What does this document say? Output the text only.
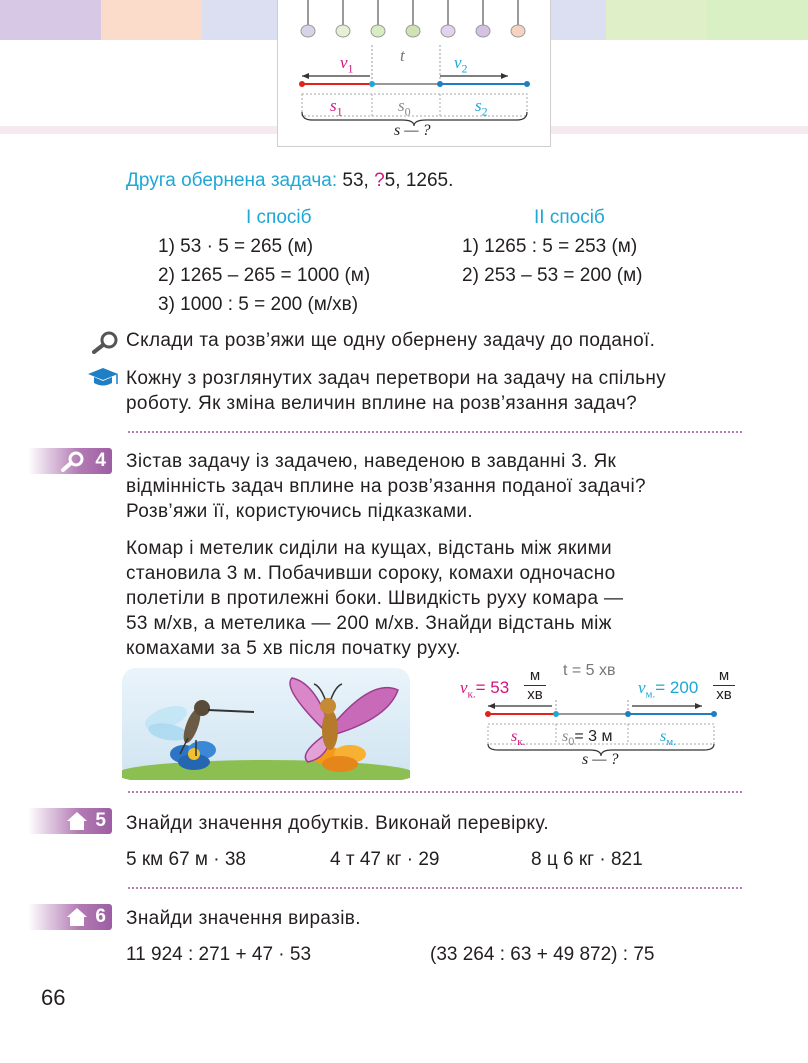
$v_1$
t	$v_2$
$s_1$	$s_0$	$s_2$
s — ?
Друга обернена задача: 53, ?5, 1265.
І спосіб	ІІ спосіб
1) 53 · 5 = 265 (м)
2) 1265 – 265 = 1000 (м)
3) 1000 : 5 = 200 (м/хв)
1) 1265 : 5 = 253 (м)
2) 253 – 53 = 200 (м)
Склади та розв’яжи ще одну обернену задачу до поданої.
Кожну з розглянутих задач перетвори на задачу на спільну
роботу. Як зміна величин вплине на розв’язання задач?
4 Зістав задачу із задачею, наведеною в завданні 3. Як
відмінність задач вплине на розв’язання поданої задачі?
Розв’яжи її, користуючись підказками.
Комар і метелик сиділи на кущах, відстань між якими
становила 3 м. Побачивши сороку, комахи одночасно
полетіли в протилежні боки. Швидкість руху комара —
53 м/хв, а метелика — 200 м/хв. Знайди відстань між
комахами за 5 хв після початку руху.
$v_{к.}= 53$
м
хв
t = 5 хв
$v_{м.}= 200$
м
хв
$s_{к.}$ $s_0= 3$ м	$s_{м.}$
s — ?
5 Знайди значення добутків. Виконай перевірку.
5 км 67 м · 38	4 т 47 кг · 29	8 ц 6 кг · 821
6 Знайди значення виразів.
11 924 : 271 + 47 · 53	(33 264 : 63 + 49 872) : 75
66
